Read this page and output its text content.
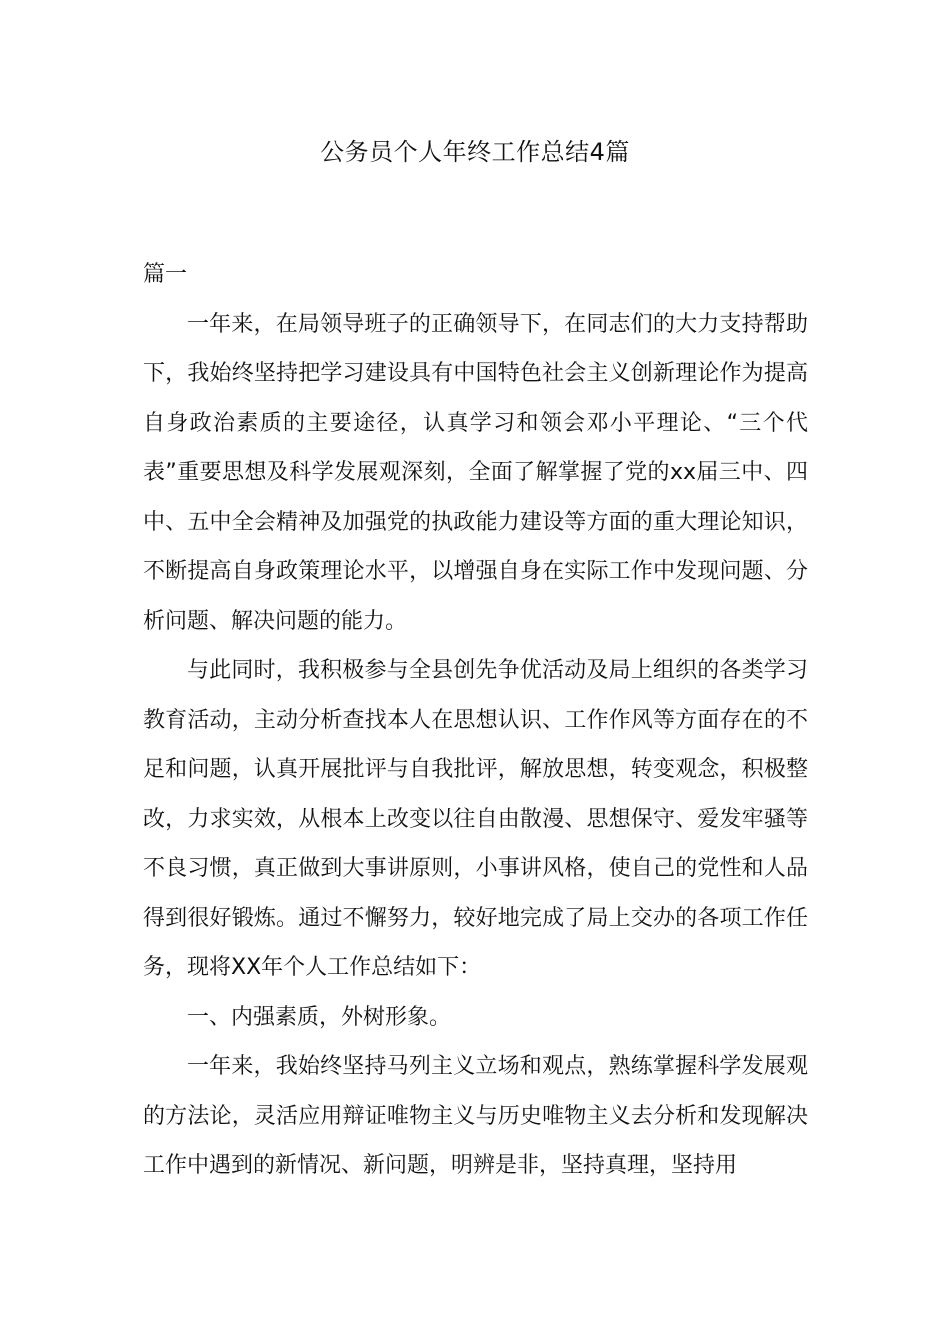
公务员个人年终工作总结4篇

篇一

一年来，在局领导班子的正确领导下，在同志们的大力支持帮助下，我始终坚持把学习建设具有中国特色社会主义创新理论作为提高自身政治素质的主要途径，认真学习和领会邓小平理论、“三个代表”重要思想及科学发展观深刻，全面了解掌握了党的xx届三中、四中、五中全会精神及加强党的执政能力建设等方面的重大理论知识，不断提高自身政策理论水平，以增强自身在实际工作中发现问题、分析问题、解决问题的能力。

与此同时，我积极参与全县创先争优活动及局上组织的各类学习教育活动，主动分析查找本人在思想认识、工作作风等方面存在的不足和问题，认真开展批评与自我批评，解放思想，转变观念，积极整改，力求实效，从根本上改变以往自由散漫、思想保守、爱发牢骚等不良习惯，真正做到大事讲原则，小事讲风格，使自己的党性和人品得到很好锻炼。通过不懈努力，较好地完成了局上交办的各项工作任务，现将XX年个人工作总结如下：

一、内强素质，外树形象。

一年来，我始终坚持马列主义立场和观点，熟练掌握科学发展观的方法论，灵活应用辩证唯物主义与历史唯物主义去分析和发现解决工作中遇到的新情况、新问题，明辨是非，坚持真理，坚持用
